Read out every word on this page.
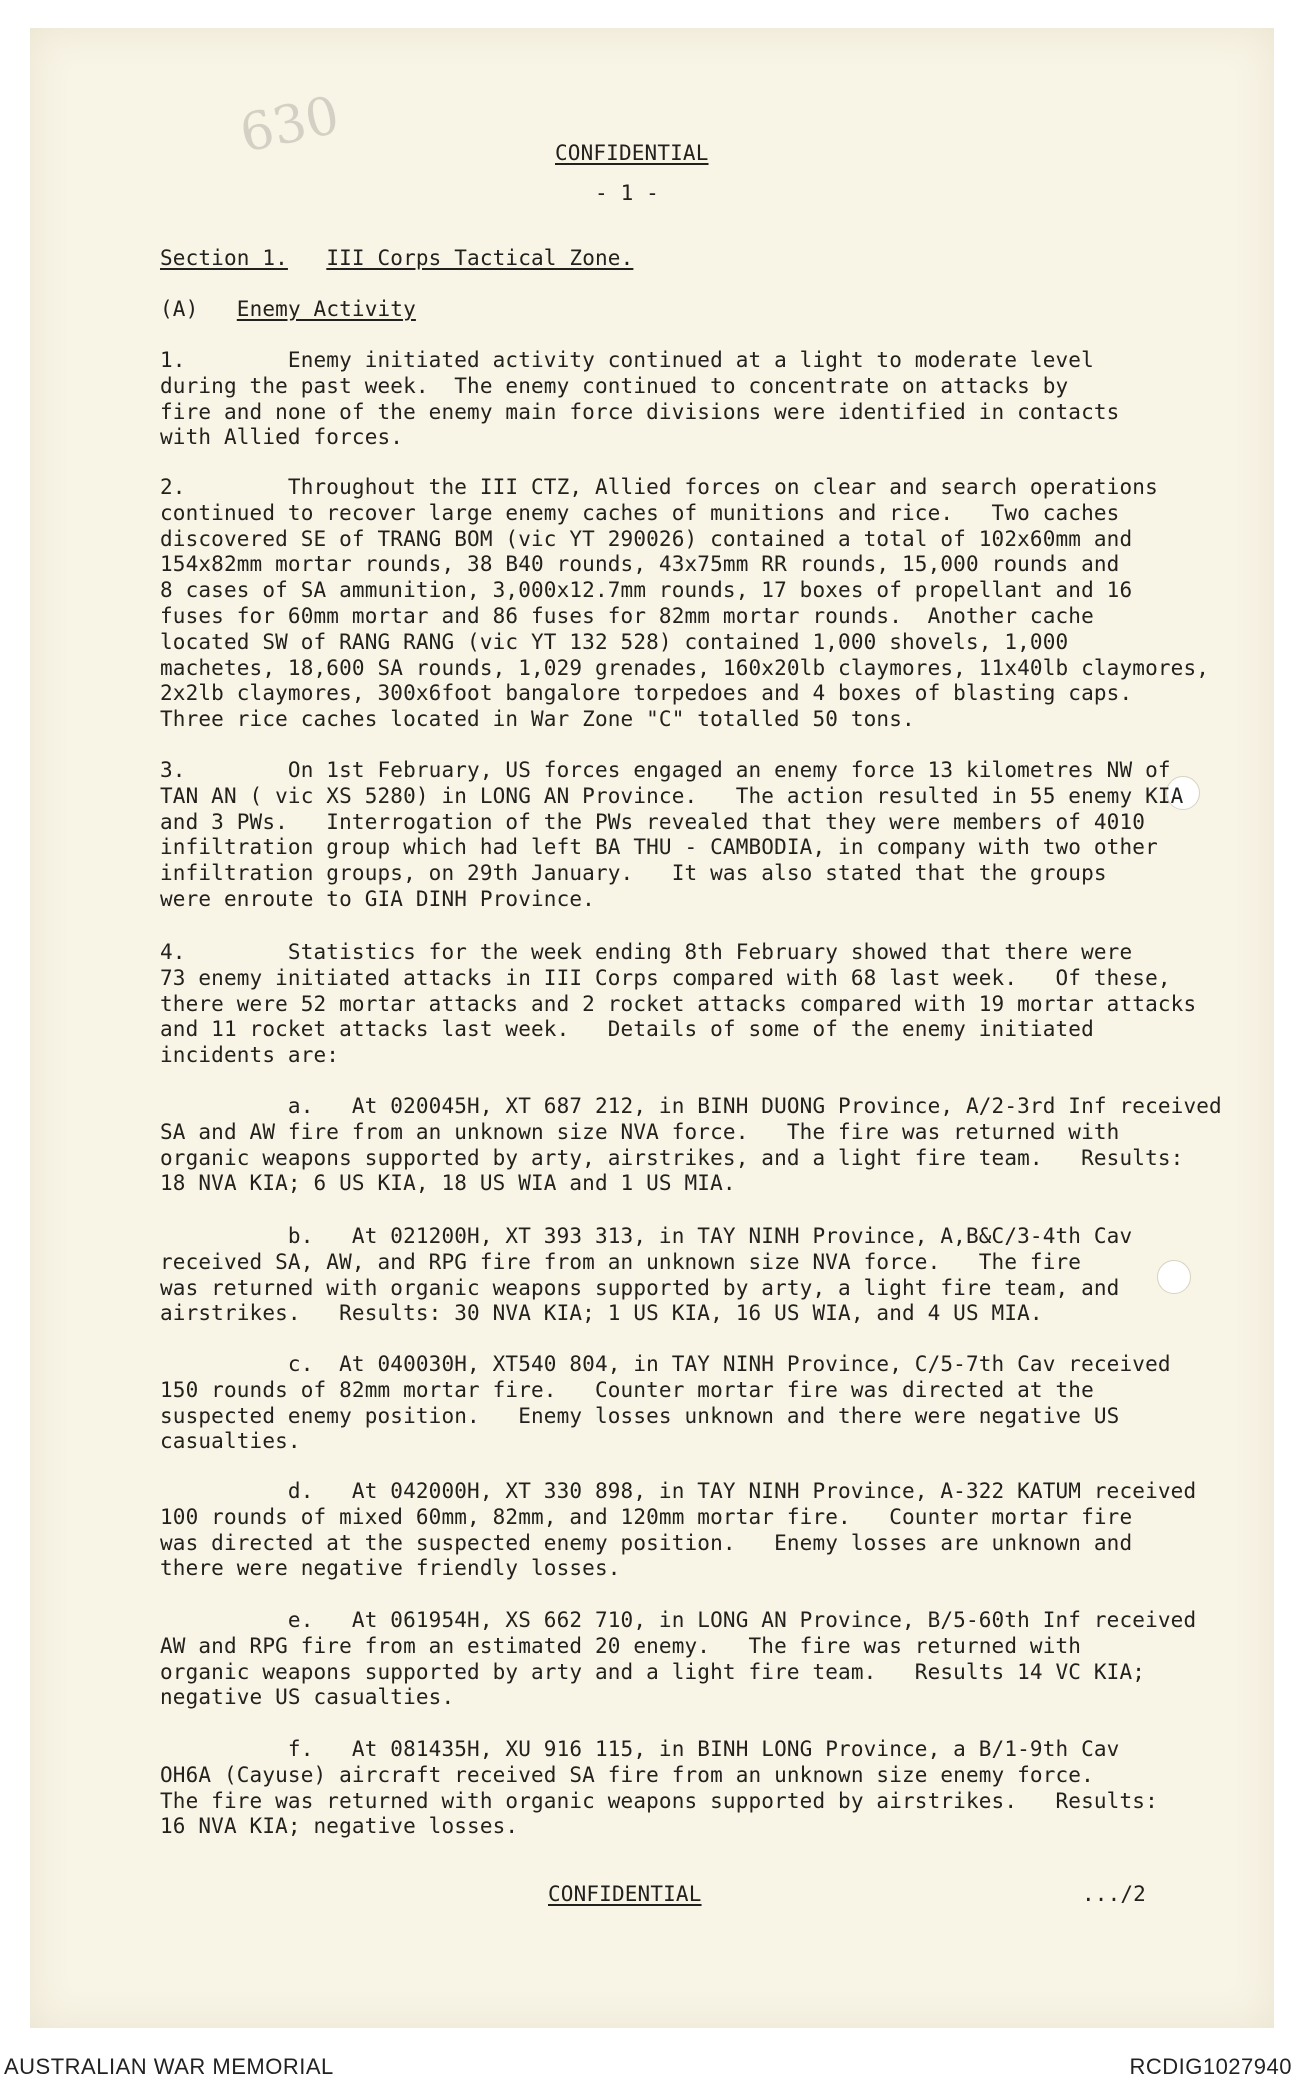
630	CONFIDENTIAL
- 1 -
Section 1. III Corps Tactical Zone.
(A) Enemy Activity
1.        Enemy initiated activity continued at a light to moderate level
during the past week.  The enemy continued to concentrate on attacks by
fire and none of the enemy main force divisions were identified in contacts
with Allied forces.
2.        Throughout the III CTZ, Allied forces on clear and search operations
continued to recover large enemy caches of munitions and rice.   Two caches
discovered SE of TRANG BOM (vic YT 290026) contained a total of 102x60mm and
154x82mm mortar rounds, 38 B40 rounds, 43x75mm RR rounds, 15,000 rounds and
8 cases of SA ammunition, 3,000x12.7mm rounds, 17 boxes of propellant and 16
fuses for 60mm mortar and 86 fuses for 82mm mortar rounds.  Another cache
located SW of RANG RANG (vic YT 132 528) contained 1,000 shovels, 1,000
machetes, 18,600 SA rounds, 1,029 grenades, 160x20lb claymores, 11x40lb claymores,
2x2lb claymores, 300x6foot bangalore torpedoes and 4 boxes of blasting caps.
Three rice caches located in War Zone "C" totalled 50 tons.
3.        On 1st February, US forces engaged an enemy force 13 kilometres NW of
TAN AN ( vic XS 5280) in LONG AN Province.   The action resulted in 55 enemy KIA
and 3 PWs.   Interrogation of the PWs revealed that they were members of 4010
infiltration group which had left BA THU - CAMBODIA, in company with two other
infiltration groups, on 29th January.   It was also stated that the groups
were enroute to GIA DINH Province.
4.        Statistics for the week ending 8th February showed that there were
73 enemy initiated attacks in III Corps compared with 68 last week.   Of these,
there were 52 mortar attacks and 2 rocket attacks compared with 19 mortar attacks
and 11 rocket attacks last week.   Details of some of the enemy initiated
incidents are:
a.   At 020045H, XT 687 212, in BINH DUONG Province, A/2-3rd Inf received
SA and AW fire from an unknown size NVA force.   The fire was returned with
organic weapons supported by arty, airstrikes, and a light fire team.   Results:
18 NVA KIA; 6 US KIA, 18 US WIA and 1 US MIA.
b.   At 021200H, XT 393 313, in TAY NINH Province, A,B&C/3-4th Cav
received SA, AW, and RPG fire from an unknown size NVA force.   The fire
was returned with organic weapons supported by arty, a light fire team, and
airstrikes.   Results: 30 NVA KIA; 1 US KIA, 16 US WIA, and 4 US MIA.
c.  At 040030H, XT540 804, in TAY NINH Province, C/5-7th Cav received
150 rounds of 82mm mortar fire.   Counter mortar fire was directed at the
suspected enemy position.   Enemy losses unknown and there were negative US
casualties.
d.   At 042000H, XT 330 898, in TAY NINH Province, A-322 KATUM received
100 rounds of mixed 60mm, 82mm, and 120mm mortar fire.   Counter mortar fire
was directed at the suspected enemy position.   Enemy losses are unknown and
there were negative friendly losses.
e.   At 061954H, XS 662 710, in LONG AN Province, B/5-60th Inf received
AW and RPG fire from an estimated 20 enemy.   The fire was returned with
organic weapons supported by arty and a light fire team.   Results 14 VC KIA;
negative US casualties.
f.   At 081435H, XU 916 115, in BINH LONG Province, a B/1-9th Cav
OH6A (Cayuse) aircraft received SA fire from an unknown size enemy force.
The fire was returned with organic weapons supported by airstrikes.   Results:
16 NVA KIA; negative losses.
CONFIDENTIAL	.../2
AUSTRALIAN WAR MEMORIAL	RCDIG1027940
